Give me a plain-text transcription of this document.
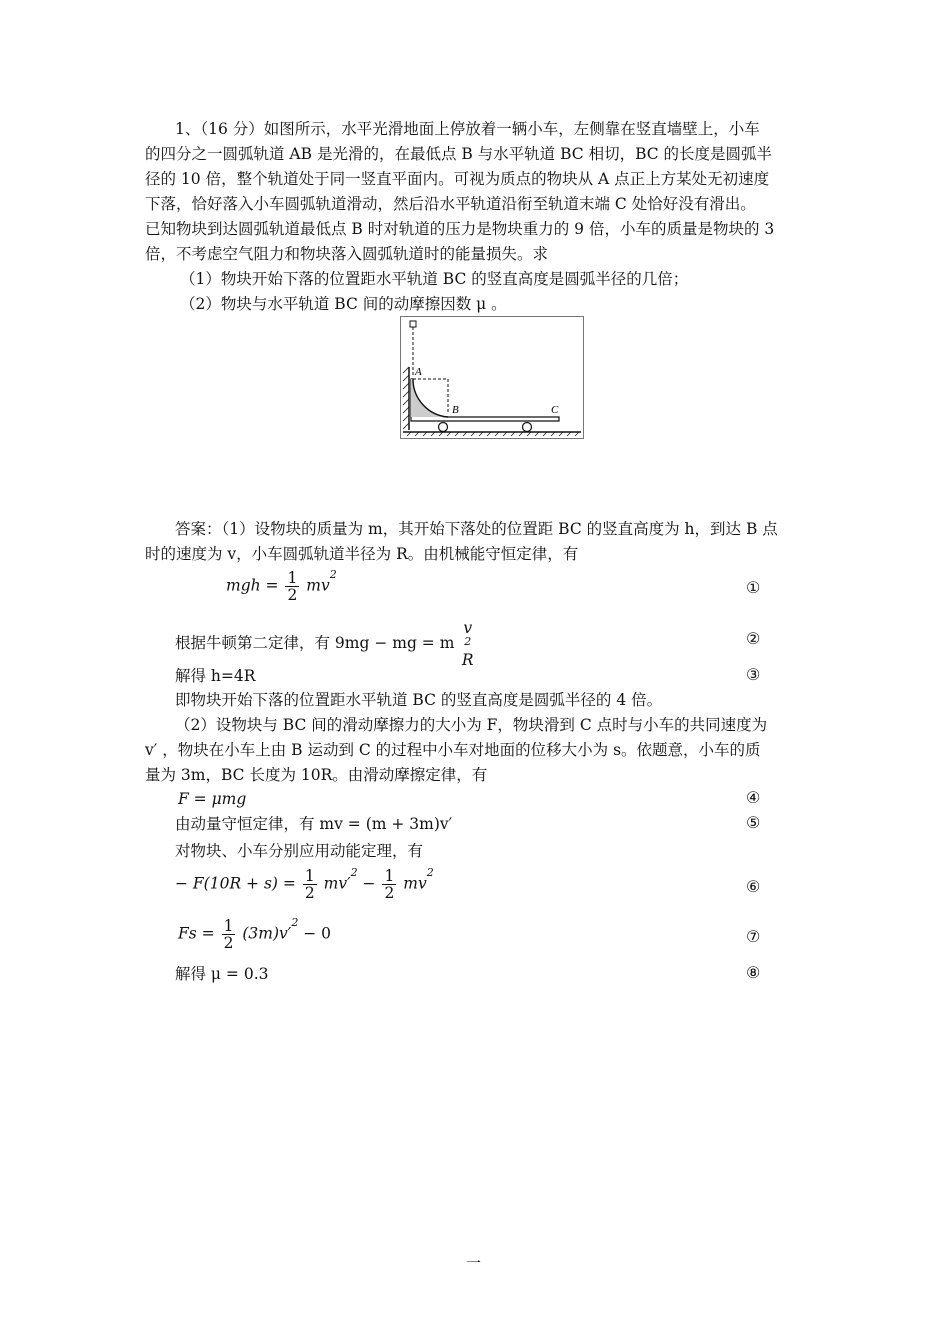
1、（16 分）如图所示，水平光滑地面上停放着一辆小车，左侧靠在竖直墙壁上，小车
的四分之一圆弧轨道 AB 是光滑的，在最低点 B 与水平轨道 BC 相切，BC 的长度是圆弧半
径的 10 倍，整个轨道处于同一竖直平面内。可视为质点的物块从 A 点正上方某处无初速度
下落，恰好落入小车圆弧轨道滑动，然后沿水平轨道沿衔至轨道末端 C 处恰好没有滑出。
已知物块到达圆弧轨道最低点 B 时对轨道的压力是物块重力的 9 倍，小车的质量是物块的 3
倍，不考虑空气阻力和物块落入圆弧轨道时的能量损失。求
（1）物块开始下落的位置距水平轨道 BC 的竖直高度是圆弧半径的几倍；
（2）物块与水平轨道 BC 间的动摩擦因数 μ 。
A
B	C
答案：（1）设物块的质量为 m，其开始下落处的位置距 BC 的竖直高度为 h，到达 B 点
时的速度为 v，小车圆弧轨道半径为 R。由机械能守恒定律，有
mgh = $\frac{1}{2} mv^2$
①
根据牛顿第二定律，有 9mg − mg = m
v
2
R
②
解得 h=4R	③
即物块开始下落的位置距水平轨道 BC 的竖直高度是圆弧半径的 4 倍。
（2）设物块与 BC 间的滑动摩擦力的大小为 F，物块滑到 C 点时与小车的共同速度为
v′ ，物块在小车上由 B 运动到 C 的过程中小车对地面的位移大小为 s。依题意，小车的质
量为 3m，BC 长度为 10R。由滑动摩擦定律，有
F = μmg	④
由动量守恒定律，有 mv = (m + 3m)v′	⑤
对物块、小车分别应用动能定理，有
− $F(10R + s) = \frac{1}{2} mv'^2 - \frac{1}{2} mv^2$
⑥
$Fs = \frac{1}{2} (3m)v'^2 - 0$	⑦
解得 μ = 0.3	⑧
一
